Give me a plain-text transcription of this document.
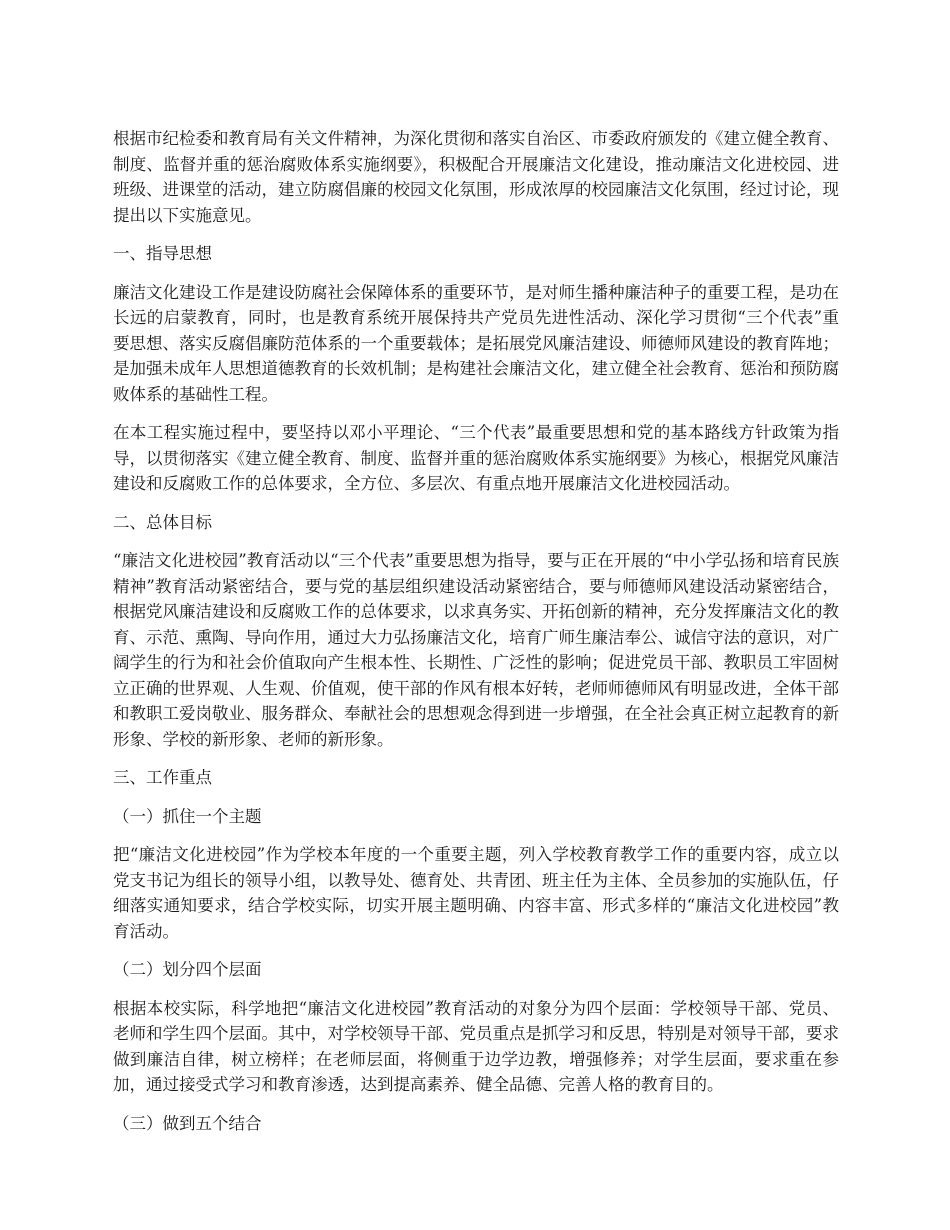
根据市纪检委和教育局有关文件精神，为深化贯彻和落实自治区、市委政府颁发的《建立健全教育、制度、监督并重的惩治腐败体系实施纲要》，积极配合开展廉洁文化建设，推动廉洁文化进校园、进班级、进课堂的活动，建立防腐倡廉的校园文化氛围，形成浓厚的校园廉洁文化氛围，经过讨论，现提出以下实施意见。

一、指导思想

廉洁文化建设工作是建设防腐社会保障体系的重要环节，是对师生播种廉洁种子的重要工程，是功在长远的启蒙教育，同时，也是教育系统开展保持共产党员先进性活动、深化学习贯彻“三个代表”重要思想、落实反腐倡廉防范体系的一个重要载体；是拓展党风廉洁建设、师德师风建设的教育阵地；是加强未成年人思想道德教育的长效机制；是构建社会廉洁文化，建立健全社会教育、惩治和预防腐败体系的基础性工程。

在本工程实施过程中，要坚持以邓小平理论、“三个代表”最重要思想和党的基本路线方针政策为指导，以贯彻落实《建立健全教育、制度、监督并重的惩治腐败体系实施纲要》为核心，根据党风廉洁建设和反腐败工作的总体要求，全方位、多层次、有重点地开展廉洁文化进校园活动。

二、总体目标

“廉洁文化进校园”教育活动以“三个代表”重要思想为指导，要与正在开展的“中小学弘扬和培育民族精神”教育活动紧密结合，要与党的基层组织建设活动紧密结合，要与师德师风建设活动紧密结合，根据党风廉洁建设和反腐败工作的总体要求，以求真务实、开拓创新的精神，充分发挥廉洁文化的教育、示范、熏陶、导向作用，通过大力弘扬廉洁文化，培育广师生廉洁奉公、诚信守法的意识，对广阔学生的行为和社会价值取向产生根本性、长期性、广泛性的影响；促进党员干部、教职员工牢固树立正确的世界观、人生观、价值观，使干部的作风有根本好转，老师师德师风有明显改进，全体干部和教职工爱岗敬业、服务群众、奉献社会的思想观念得到进一步增强，在全社会真正树立起教育的新形象、学校的新形象、老师的新形象。

三、工作重点

（一）抓住一个主题

把“廉洁文化进校园”作为学校本年度的一个重要主题，列入学校教育教学工作的重要内容，成立以党支书记为组长的领导小组，以教导处、德育处、共青团、班主任为主体、全员参加的实施队伍，仔细落实通知要求，结合学校实际，切实开展主题明确、内容丰富、形式多样的“廉洁文化进校园”教育活动。

（二）划分四个层面

根据本校实际，科学地把“廉洁文化进校园”教育活动的对象分为四个层面：学校领导干部、党员、老师和学生四个层面。其中，对学校领导干部、党员重点是抓学习和反思，特别是对领导干部，要求做到廉洁自律，树立榜样；在老师层面，将侧重于边学边教，增强修养；对学生层面，要求重在参加，通过接受式学习和教育渗透，达到提高素养、健全品德、完善人格的教育目的。

（三）做到五个结合
